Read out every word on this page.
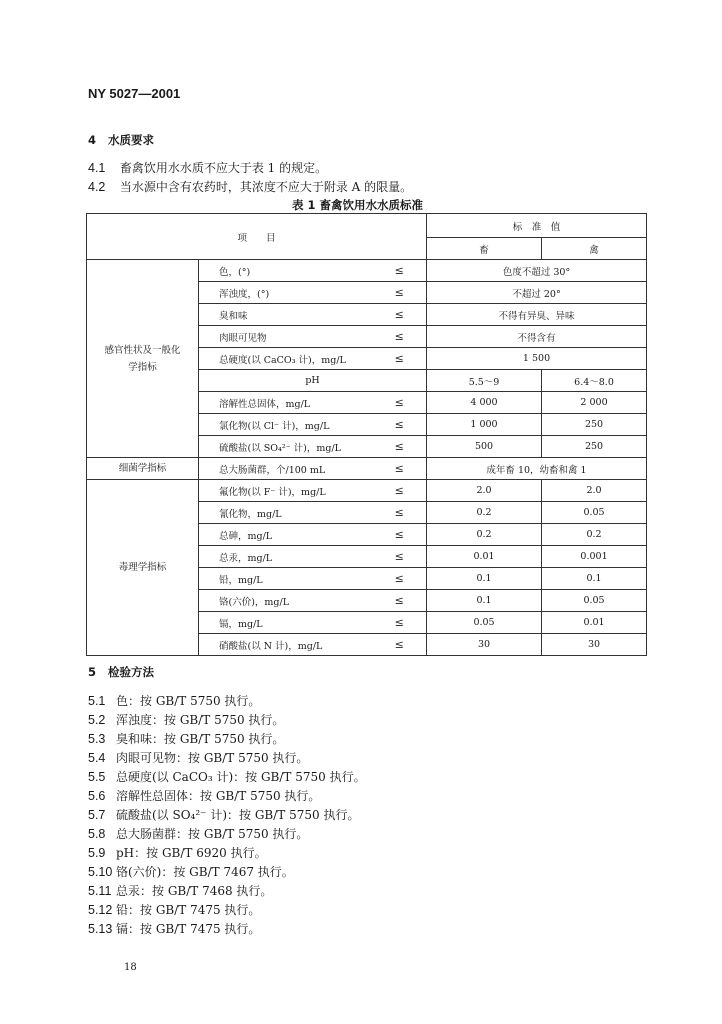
NY 5027—2001
4 水质要求
4.1 畜禽饮用水水质不应大于表 1 的规定。
4.2 当水源中含有农药时，其浓度不应大于附录 A 的限量。
表 1 畜禽饮用水水质标准
项　　目			标　准　值	
			畜	禽
感官性状及一般化学指标	色，(°)	≤	色度不超过 30°	
	浑浊度，(°)	≤	不超过 20°	
	臭和味	≤	不得有异臭、异味	
	肉眼可见物	≤	不得含有	
	总硬度(以 CaCO₃ 计)，mg/L	≤	1 500	
	pH		5.5～9	6.4～8.0
	溶解性总固体，mg/L	≤	4 000	2 000
	氯化物(以 Cl⁻ 计)，mg/L	≤	1 000	250
	硫酸盐(以 SO₄²⁻ 计)，mg/L	≤	500	250
细菌学指标	总大肠菌群，个/100 mL	≤	成年畜 10，幼畜和禽 1	
毒理学指标	氟化物(以 F⁻ 计)，mg/L	≤	2.0	2.0
	氰化物，mg/L	≤	0.2	0.05
	总砷，mg/L	≤	0.2	0.2
	总汞，mg/L	≤	0.01	0.001
	铅，mg/L	≤	0.1	0.1
	铬(六价)，mg/L	≤	0.1	0.05
	镉，mg/L	≤	0.05	0.01
	硝酸盐(以 N 计)，mg/L	≤	30	30
5 检验方法
5.1 色：按 GB/T 5750 执行。
5.2 浑浊度：按 GB/T 5750 执行。
5.3 臭和味：按 GB/T 5750 执行。
5.4 肉眼可见物：按 GB/T 5750 执行。
5.5 总硬度(以 CaCO₃ 计)：按 GB/T 5750 执行。
5.6 溶解性总固体：按 GB/T 5750 执行。
5.7 硫酸盐(以 SO₄²⁻ 计)：按 GB/T 5750 执行。
5.8 总大肠菌群：按 GB/T 5750 执行。
5.9 pH：按 GB/T 6920 执行。
5.10 铬(六价)：按 GB/T 7467 执行。
5.11 总汞：按 GB/T 7468 执行。
5.12 铅：按 GB/T 7475 执行。
5.13 镉：按 GB/T 7475 执行。
18
